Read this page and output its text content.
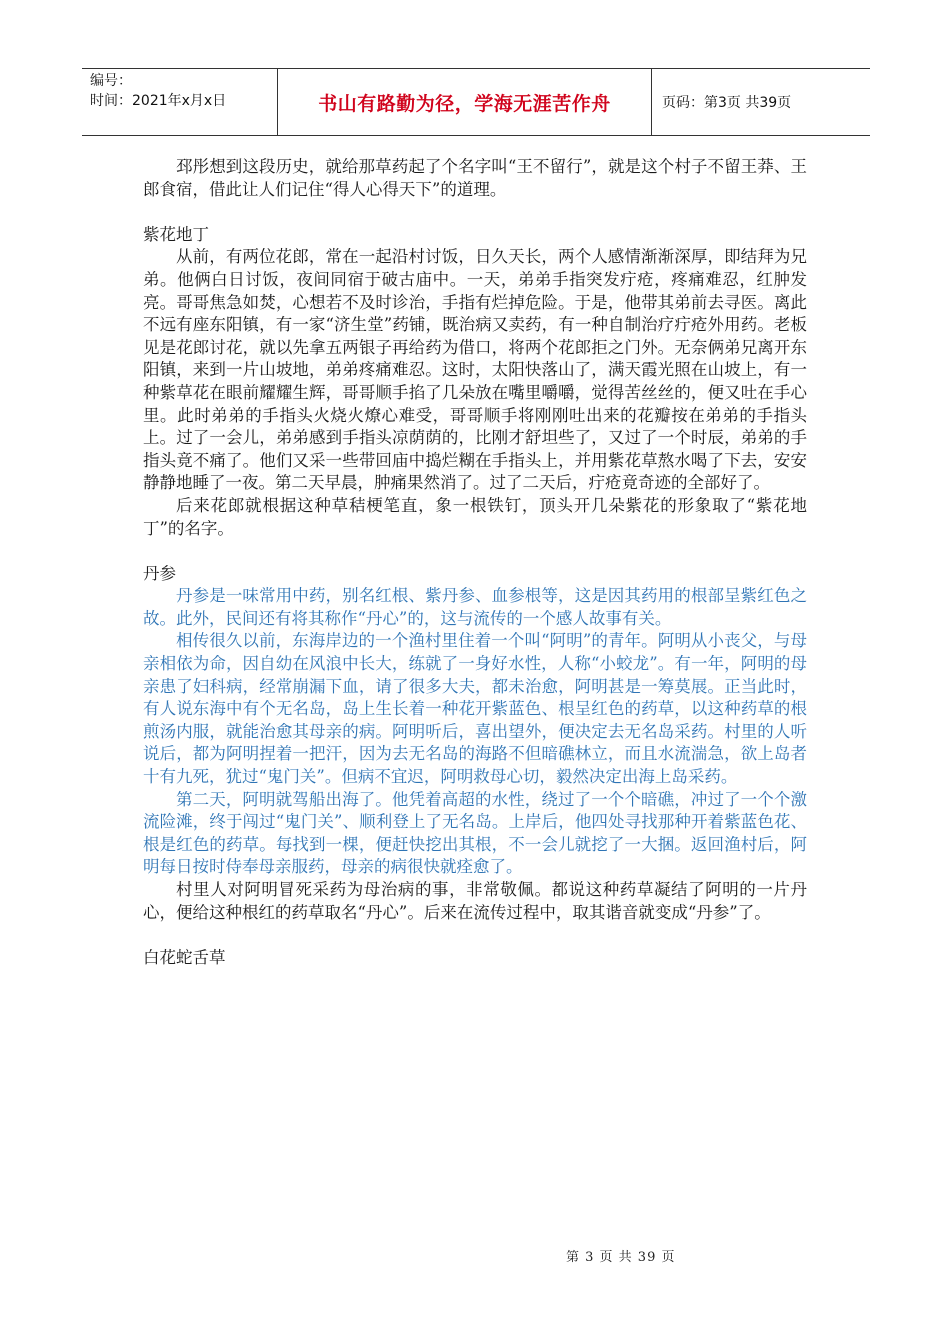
编号：
时间：2021年x月x日	书山有路勤为径，学海无涯苦作舟	页码：第3页 共39页

邳彤想到这段历史，就给那草药起了个名字叫“王不留行”，就是这个村子不留王莽、王郎食宿，借此让人们记住“得人心得天下”的道理。

紫花地丁

从前，有两位花郎，常在一起沿村讨饭，日久天长，两个人感情渐渐深厚，即结拜为兄弟。他俩白日讨饭，夜间同宿于破古庙中。一天，弟弟手指突发疔疮，疼痛难忍，红肿发亮。哥哥焦急如焚，心想若不及时诊治，手指有烂掉危险。于是，他带其弟前去寻医。离此不远有座东阳镇，有一家“济生堂”药铺，既治病又卖药，有一种自制治疗疔疮外用药。老板见是花郎讨花，就以先拿五两银子再给药为借口，将两个花郎拒之门外。无奈俩弟兄离开东阳镇，来到一片山坡地，弟弟疼痛难忍。这时，太阳快落山了，满天霞光照在山坡上，有一种紫草花在眼前耀耀生辉，哥哥顺手掐了几朵放在嘴里嚼嚼，觉得苦丝丝的，便又吐在手心里。此时弟弟的手指头火烧火燎心难受，哥哥顺手将刚刚吐出来的花瓣按在弟弟的手指头上。过了一会儿，弟弟感到手指头凉荫荫的，比刚才舒坦些了，又过了一个时辰，弟弟的手指头竟不痛了。他们又采一些带回庙中捣烂糊在手指头上，并用紫花草熬水喝了下去，安安静静地睡了一夜。第二天早晨，肿痛果然消了。过了二天后，疔疮竟奇迹的全部好了。

后来花郎就根据这种草秸梗笔直，象一根铁钉，顶头开几朵紫花的形象取了“紫花地丁”的名字。

丹参

丹参是一味常用中药，别名红根、紫丹参、血参根等，这是因其药用的根部呈紫红色之故。此外，民间还有将其称作“丹心”的，这与流传的一个感人故事有关。

相传很久以前，东海岸边的一个渔村里住着一个叫“阿明”的青年。阿明从小丧父，与母亲相依为命，因自幼在风浪中长大，练就了一身好水性，人称“小蛟龙”。有一年，阿明的母亲患了妇科病，经常崩漏下血，请了很多大夫，都未治愈，阿明甚是一筹莫展。正当此时，有人说东海中有个无名岛，岛上生长着一种花开紫蓝色、根呈红色的药草，以这种药草的根煎汤内服，就能治愈其母亲的病。阿明听后，喜出望外，便决定去无名岛采药。村里的人听说后，都为阿明捏着一把汗，因为去无名岛的海路不但暗礁林立，而且水流湍急，欲上岛者十有九死，犹过“鬼门关”。但病不宜迟，阿明救母心切，毅然决定出海上岛采药。

第二天，阿明就驾船出海了。他凭着高超的水性，绕过了一个个暗礁，冲过了一个个激流险滩，终于闯过“鬼门关”、顺利登上了无名岛。上岸后，他四处寻找那种开着紫蓝色花、根是红色的药草。每找到一棵，便赶快挖出其根，不一会儿就挖了一大捆。返回渔村后，阿明每日按时侍奉母亲服药，母亲的病很快就痊愈了。

村里人对阿明冒死采药为母治病的事，非常敬佩。都说这种药草凝结了阿明的一片丹心，便给这种根红的药草取名“丹心”。后来在流传过程中，取其谐音就变成“丹参”了。

白花蛇舌草

第 3 页 共 39 页
